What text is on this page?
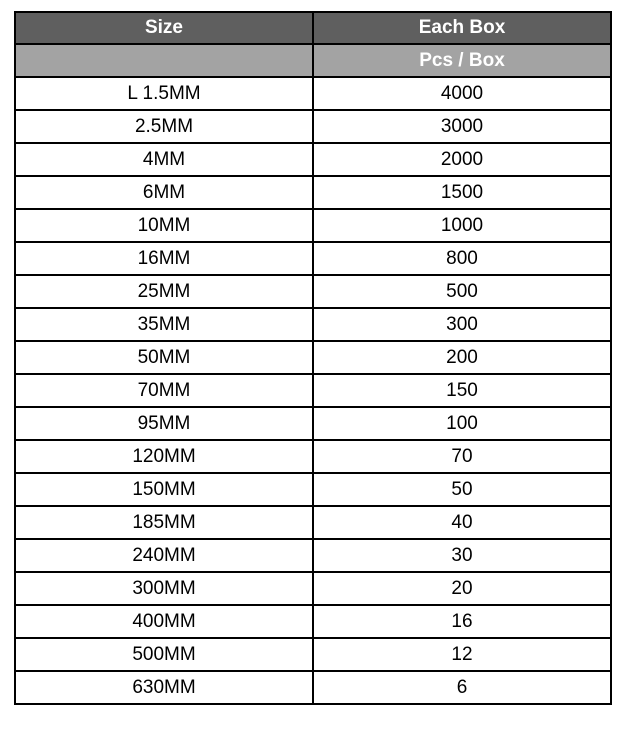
Size	Each Box
	Pcs / Box
L 1.5MM	4000
2.5MM	3000
4MM	2000
6MM	1500
10MM	1000
16MM	800
25MM	500
35MM	300
50MM	200
70MM	150
95MM	100
120MM	70
150MM	50
185MM	40
240MM	30
300MM	20
400MM	16
500MM	12
630MM	6
